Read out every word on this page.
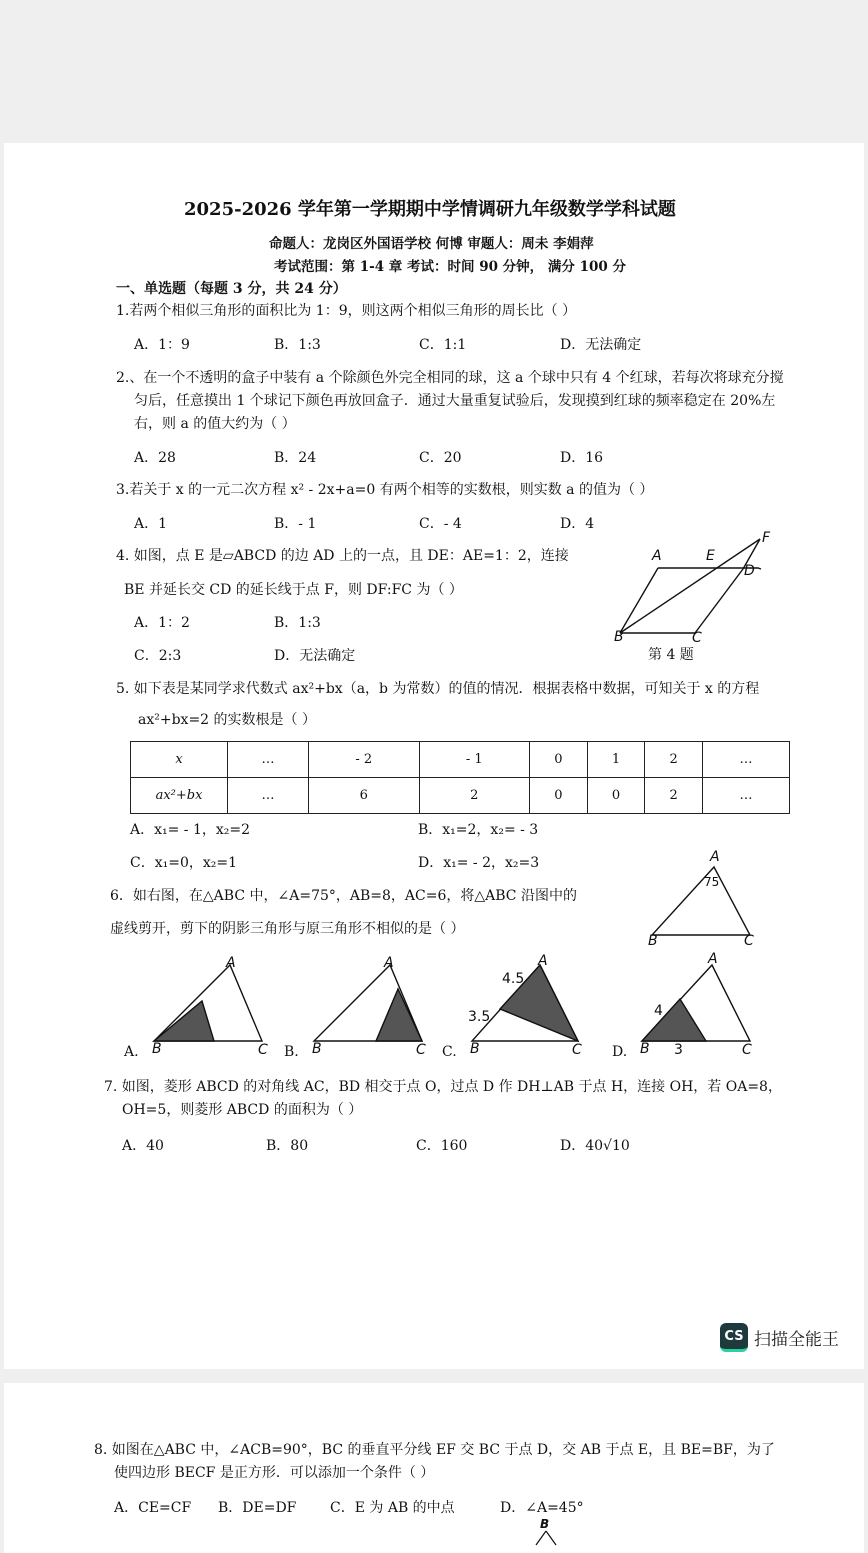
2025-2026 学年第一学期期中学情调研九年级数学学科试题
命题人：龙岗区外国语学校 何博 审题人：周未 李娟萍
考试范围：第 1-4 章 考试：时间 90 分钟， 满分 100 分
一、单选题（每题 3 分，共 24 分）
1.若两个相似三角形的面积比为 1：9，则这两个相似三角形的周长比（ ）
A．1：9	B．1:3	C．1:1	D．无法确定
2.、在一个不透明的盒子中装有 a 个除颜色外完全相同的球，这 a 个球中只有 4 个红球，若每次将球充分搅
匀后，任意摸出 1 个球记下颜色再放回盒子．通过大量重复试验后，发现摸到红球的频率稳定在 20%左
右，则 a 的值大约为（ ）
A．28	B．24	C．20	D．16
3.若关于 x 的一元二次方程 x² - 2x+a=0 有两个相等的实数根，则实数 a 的值为（ ）
A．1	B．- 1	C．- 4	D．4
4. 如图，点 E 是▱ABCD 的边 AD 上的一点，且 DE：AE=1：2，连接
BE 并延长交 CD 的延长线于点 F，则 DF:FC 为（ ）
A．1：2	B．1:3
C．2:3	D．无法确定
A	E
F
D
B	C
第 4 题
5. 如下表是某同学求代数式 ax²+bx（a，b 为常数）的值的情况．根据表格中数据，可知关于 x 的方程
ax²+bx=2 的实数根是（ ）
x	…	- 2	- 1	0	1	2	…
ax²+bx	…	6	2	0	0	2	…
A．x₁= - 1，x₂=2	B．x₁=2，x₂= - 3
C．x₁=0，x₂=1	D．x₁= - 2，x₂=3
6．如右图，在△ABC 中，∠A=75°，AB=8，AC=6，将△ABC 沿图中的
虚线剪开，剪下的阴影三角形与原三角形不相似的是（ ）
A
75
B	C
A.
A
B	C B.
A
B	C C.
A
4.5
3.5
B	C D.
A
4
B 3	C
7. 如图，菱形 ABCD 的对角线 AC，BD 相交于点 O，过点 D 作 DH⊥AB 于点 H，连接 OH，若 OA=8，
OH=5，则菱形 ABCD 的面积为（ ）
A．40	B．80	C．160	D．40√10
CS 扫描全能王
8. 如图在△ABC 中，∠ACB=90°，BC 的垂直平分线 EF 交 BC 于点 D，交 AB 于点 E，且 BE=BF，为了
使四边形 BECF 是正方形．可以添加一个条件（ ）
A．CE=CF B．DE=DF C．E 为 AB 的中点	D．∠A=45°
B
